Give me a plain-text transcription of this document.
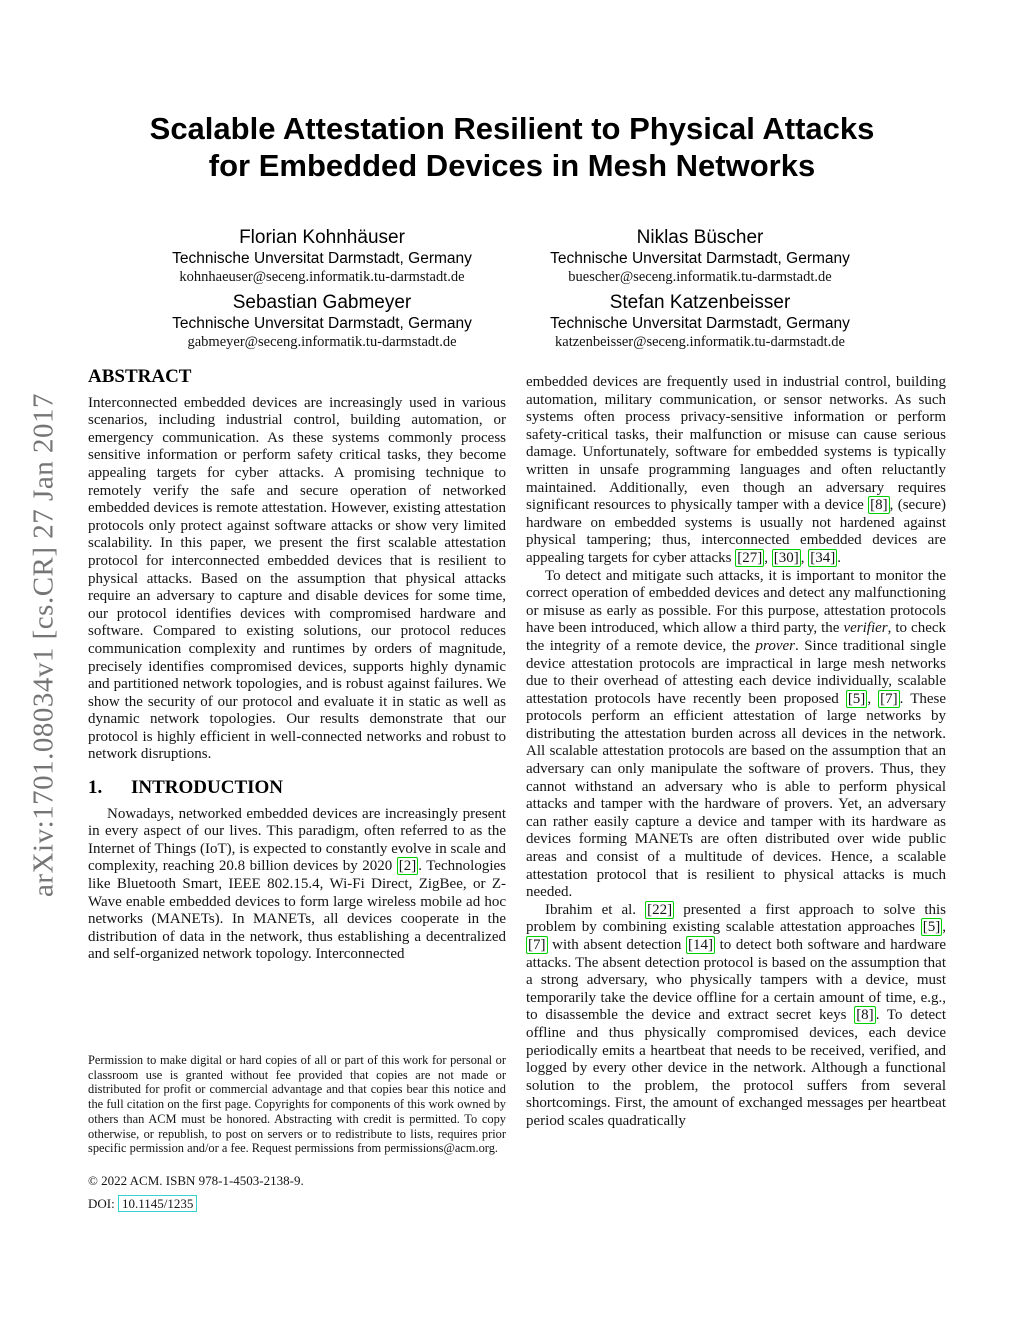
arXiv:1701.08034v1 [cs.CR] 27 Jan 2017
Scalable Attestation Resilient to Physical Attacks
for Embedded Devices in Mesh Networks
Florian Kohnhäuser
Technische Unversitat Darmstadt, Germany
kohnhaeuser@seceng.informatik.tu-darmstadt.de
Niklas Büscher
Technische Unversitat Darmstadt, Germany
buescher@seceng.informatik.tu-darmstadt.de
Sebastian Gabmeyer
Technische Unversitat Darmstadt, Germany
gabmeyer@seceng.informatik.tu-darmstadt.de
Stefan Katzenbeisser
Technische Unversitat Darmstadt, Germany
katzenbeisser@seceng.informatik.tu-darmstadt.de
ABSTRACT

Interconnected embedded devices are increasingly used in various scenarios, including industrial control, building automation, or emergency communication. As these systems commonly process sensitive information or perform safety critical tasks, they become appealing targets for cyber attacks. A promising technique to remotely verify the safe and secure operation of networked embedded devices is remote attestation. However, existing attestation protocols only protect against software attacks or show very limited scalability. In this paper, we present the first scalable attestation protocol for interconnected embedded devices that is resilient to physical attacks. Based on the assumption that physical attacks require an adversary to capture and disable devices for some time, our protocol identifies devices with compromised hardware and software. Compared to existing solutions, our protocol reduces communication complexity and runtimes by orders of magnitude, precisely identifies compromised devices, supports highly dynamic and partitioned network topologies, and is robust against failures. We show the security of our protocol and evaluate it in static as well as dynamic network topologies. Our results demonstrate that our protocol is highly efficient in well-connected networks and robust to network disruptions.

1. INTRODUCTION

Nowadays, networked embedded devices are increasingly present in every aspect of our lives. This paradigm, often referred to as the Internet of Things (IoT), is expected to constantly evolve in scale and complexity, reaching 20.8 billion devices by 2020 [2] . Technologies like Bluetooth Smart, IEEE 802.15.4, Wi-Fi Direct, ZigBee, or Z-Wave enable embedded devices to form large wireless mobile ad hoc networks (MANETs). In MANETs, all devices cooperate in the distribution of data in the network, thus establishing a decentralized and self-organized network topology. Interconnected

embedded devices are frequently used in industrial control, building automation, military communication, or sensor networks. As such systems often process privacy-sensitive information or perform safety-critical tasks, their malfunction or misuse can cause serious damage. Unfortunately, software for embedded systems is typically written in unsafe programming languages and often reluctantly maintained. Additionally, even though an adversary requires significant resources to physically tamper with a device [8] , (secure) hardware on embedded systems is usually not hardened against physical tampering; thus, interconnected embedded devices are appealing targets for cyber attacks [27] , [30] , [34] .

To detect and mitigate such attacks, it is important to monitor the correct operation of embedded devices and detect any malfunctioning or misuse as early as possible. For this purpose, attestation protocols have been introduced, which allow a third party, the verifier, to check the integrity of a remote device, the prover. Since traditional single device attestation protocols are impractical in large mesh networks due to their overhead of attesting each device individually, scalable attestation protocols have recently been proposed [5] , [7] . These protocols perform an efficient attestation of large networks by distributing the attestation burden across all devices in the network. All scalable attestation protocols are based on the assumption that an adversary can only manipulate the software of provers. Thus, they cannot withstand an adversary who is able to perform physical attacks and tamper with the hardware of provers. Yet, an adversary can rather easily capture a device and tamper with its hardware as devices forming MANETs are often distributed over wide public areas and consist of a multitude of devices. Hence, a scalable attestation protocol that is resilient to physical attacks is much needed.

Ibrahim et al. [22] presented a first approach to solve this problem by combining existing scalable attestation approaches [5] , [7] with absent detection [14] to detect both software and hardware attacks. The absent detection protocol is based on the assumption that a strong adversary, who physically tampers with a device, must temporarily take the device offline for a certain amount of time, e.g., to disassemble the device and extract secret keys [8] . To detect offline and thus physically compromised devices, each device periodically emits a heartbeat that needs to be received, verified, and logged by every other device in the network. Although a functional solution to the problem, the protocol suffers from several shortcomings. First, the amount of exchanged messages per heartbeat period scales quadratically

Permission to make digital or hard copies of all or part of this work for personal or classroom use is granted without fee provided that copies are not made or distributed for profit or commercial advantage and that copies bear this notice and the full citation on the first page. Copyrights for components of this work owned by others than ACM must be honored. Abstracting with credit is permitted. To copy otherwise, or republish, to post on servers or to redistribute to lists, requires prior specific permission and/or a fee. Request permissions from permissions@acm.org.

© 2022 ACM. ISBN 978-1-4503-2138-9.

DOI: 10.1145/1235
